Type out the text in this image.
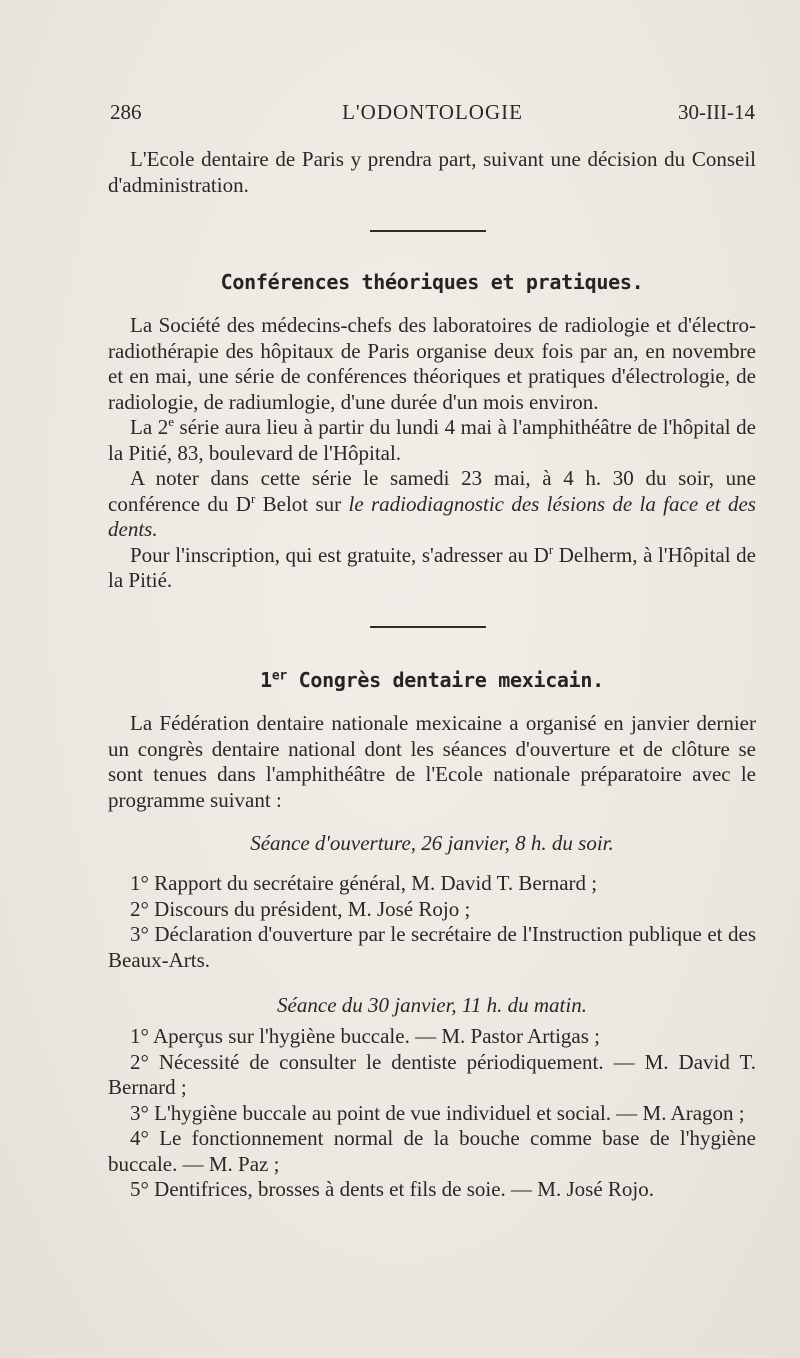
286	L'ODONTOLOGIE	30-III-14

L'Ecole dentaire de Paris y prendra part, suivant une décision du Conseil d'administration.

Conférences théoriques et pratiques.

La Société des médecins-chefs des laboratoires de radiologie et d'électro-radiothérapie des hôpitaux de Paris organise deux fois par an, en novembre et en mai, une série de conférences théoriques et pratiques d'électrologie, de radiologie, de radiumlogie, d'une durée d'un mois environ.

La 2e série aura lieu à partir du lundi 4 mai à l'amphithéâtre de l'hôpital de la Pitié, 83, boulevard de l'Hôpital.

A noter dans cette série le samedi 23 mai, à 4 h. 30 du soir, une conférence du $D^r$ Belot sur le radiodiagnostic des lésions de la face et des dents.

Pour l'inscription, qui est gratuite, s'adresser au $D^r$ Delherm, à l'Hôpital de la Pitié.

1er Congrès dentaire mexicain.

La Fédération dentaire nationale mexicaine a organisé en janvier dernier un congrès dentaire national dont les séances d'ouverture et de clôture se sont tenues dans l'amphithéâtre de l'Ecole nationale préparatoire avec le programme suivant :

Séance d'ouverture, 26 janvier, 8 h. du soir.

1° Rapport du secrétaire général, M. David T. Bernard ;

2° Discours du président, M. José Rojo ;

3° Déclaration d'ouverture par le secrétaire de l'Instruction publique et des Beaux-Arts.

Séance du 30 janvier, 11 h. du matin.

1° Aperçus sur l'hygiène buccale. — M. Pastor Artigas ;

2° Nécessité de consulter le dentiste périodiquement. — M. David T. Bernard ;

3° L'hygiène buccale au point de vue individuel et social. — M. Aragon ;

4° Le fonctionnement normal de la bouche comme base de l'hygiène buccale. — M. Paz ;

5° Dentifrices, brosses à dents et fils de soie. — M. José Rojo.
